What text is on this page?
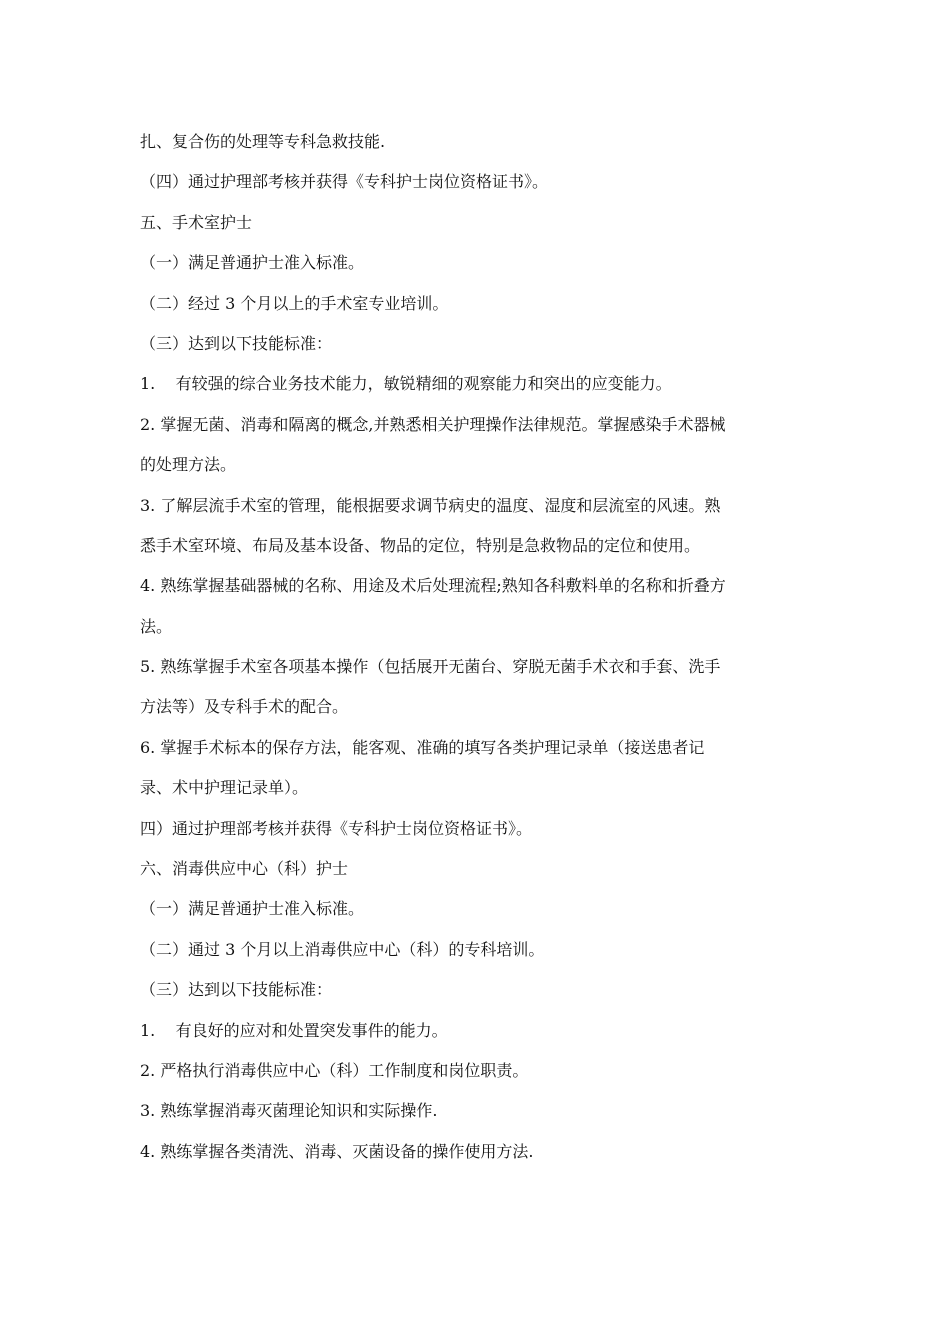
扎、复合伤的处理等专科急救技能.
（四）通过护理部考核并获得《专科护士岗位资格证书》。
五、手术室护士
（一）满足普通护士准入标准。
（二）经过 3 个月以上的手术室专业培训。
（三）达到以下技能标准：
1.    有较强的综合业务技术能力，敏锐精细的观察能力和突出的应变能力。
2. 掌握无菌、消毒和隔离的概念,并熟悉相关护理操作法律规范。掌握感染手术器械
的处理方法。
3. 了解层流手术室的管理，能根据要求调节病史的温度、湿度和层流室的风速。熟
悉手术室环境、布局及基本设备、物品的定位，特别是急救物品的定位和使用。
4. 熟练掌握基础器械的名称、用途及术后处理流程;熟知各科敷料单的名称和折叠方
法。
5. 熟练掌握手术室各项基本操作（包括展开无菌台、穿脱无菌手术衣和手套、洗手
方法等）及专科手术的配合。
6. 掌握手术标本的保存方法，能客观、准确的填写各类护理记录单（接送患者记
录、术中护理记录单）。
四）通过护理部考核并获得《专科护士岗位资格证书》。
六、消毒供应中心（科）护士
（一）满足普通护士准入标准。
（二）通过 3 个月以上消毒供应中心（科）的专科培训。
（三）达到以下技能标准：
1.    有良好的应对和处置突发事件的能力。
2. 严格执行消毒供应中心（科）工作制度和岗位职责。
3. 熟练掌握消毒灭菌理论知识和实际操作.
4. 熟练掌握各类清洗、消毒、灭菌设备的操作使用方法.
